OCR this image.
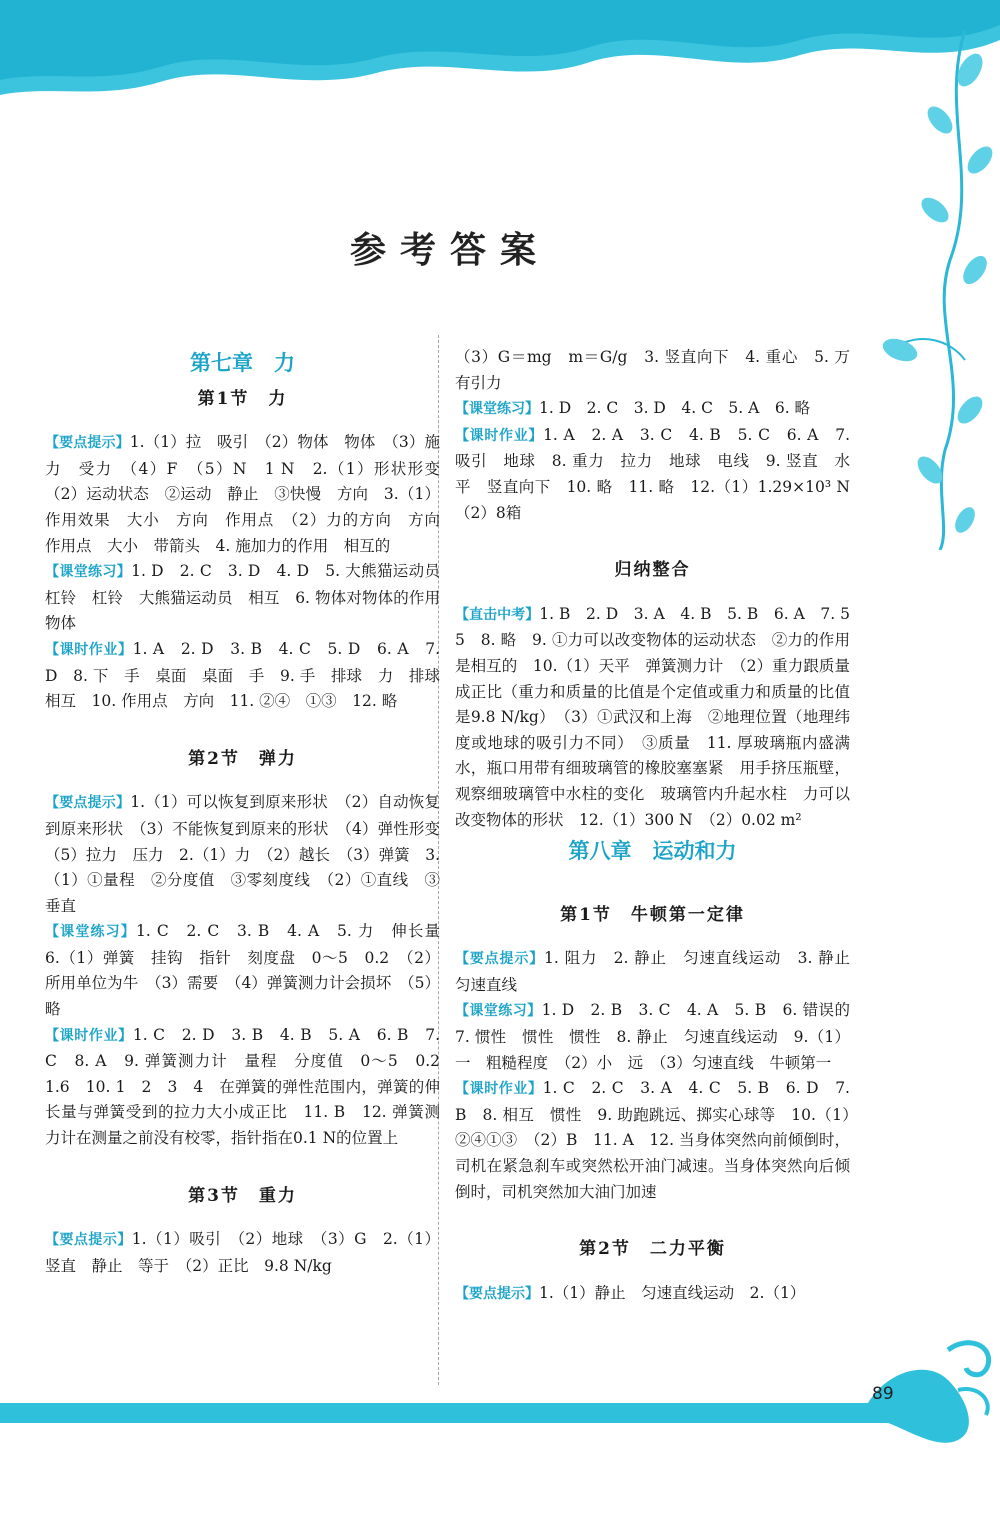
参考答案
第七章　力
第1节　力
【要点提示】1.（1）拉　吸引　（2）物体　物体　（3）施力　受力　（4）F　（5）N　1 N　2.（1）形状形变　（2）运动状态　②运动　静止　③快慢　方向　3.（1）作用效果　大小　方向　作用点　（2）力的方向　方向　作用点　大小　带箭头　4. 施加力的作用　相互的
【课堂练习】1. D　2. C　3. D　4. D　5. 大熊猫运动员　杠铃　杠铃　大熊猫运动员　相互　6. 物体对物体的作用　物体
【课时作业】1. A　2. D　3. B　4. C　5. D　6. A　7. D　8. 下　手　桌面　桌面　手　9. 手　排球　力　排球　相互　10. 作用点　方向　11. ②④　①③　12. 略
第2节　弹力
【要点提示】1.（1）可以恢复到原来形状　（2）自动恢复到原来形状　（3）不能恢复到原来的形状　（4）弹性形变　（5）拉力　压力　2.（1）力　（2）越长　（3）弹簧　3.（1）①量程　②分度值　③零刻度线　（2）①直线　③垂直
【课堂练习】1. C　2. C　3. B　4. A　5. 力　伸长量　6.（1）弹簧　挂钩　指针　刻度盘　0～5　0.2　（2）所用单位为牛　（3）需要　（4）弹簧测力计会损坏　（5）略
【课时作业】1. C　2. D　3. B　4. B　5. A　6. B　7. C　8. A　9. 弹簧测力计　量程　分度值　0～5　0.2　1.6　10. 1　2　3　4　在弹簧的弹性范围内，弹簧的伸长量与弹簧受到的拉力大小成正比　11. B　12. 弹簧测力计在测量之前没有校零，指针指在0.1 N的位置上
第3节　重力
【要点提示】1.（1）吸引　（2）地球　（3）G　2.（1）竖直　静止　等于　（2）正比　9.8 N/kg
（3）G＝mg　m＝G/g　3. 竖直向下　4. 重心　5. 万有引力
【课堂练习】1. D　2. C　3. D　4. C　5. A　6. 略
【课时作业】1. A　2. A　3. C　4. B　5. C　6. A　7. 吸引　地球　8. 重力　拉力　地球　电线　9. 竖直　水平　竖直向下　10. 略　11. 略　12.（1）1.29×10³ N　（2）8箱
归纳整合
【直击中考】1. B　2. D　3. A　4. B　5. B　6. A　7. 5　5　8. 略　9. ①力可以改变物体的运动状态　②力的作用是相互的　10.（1）天平　弹簧测力计　（2）重力跟质量成正比（重力和质量的比值是个定值或重力和质量的比值是9.8 N/kg）　（3）①武汉和上海　②地理位置（地理纬度或地球的吸引力不同）　③质量　11. 厚玻璃瓶内盛满水，瓶口用带有细玻璃管的橡胶塞塞紧　用手挤压瓶壁，观察细玻璃管中水柱的变化　玻璃管内升起水柱　力可以改变物体的形状　12.（1）300 N　（2）0.02 m²
第八章　运动和力
第1节　牛顿第一定律
【要点提示】1. 阻力　2. 静止　匀速直线运动　3. 静止　匀速直线
【课堂练习】1. D　2. B　3. C　4. A　5. B　6. 错误的　7. 惯性　惯性　惯性　8. 静止　匀速直线运动　9.（1）一　粗糙程度　（2）小　远　（3）匀速直线　牛顿第一
【课时作业】1. C　2. C　3. A　4. C　5. B　6. D　7. B　8. 相互　惯性　9. 助跑跳远、掷实心球等　10.（1）②④①③　（2）B　11. A　12. 当身体突然向前倾倒时，司机在紧急刹车或突然松开油门减速。当身体突然向后倾倒时，司机突然加大油门加速
第2节　二力平衡
【要点提示】1.（1）静止　匀速直线运动　2.（1）
89
